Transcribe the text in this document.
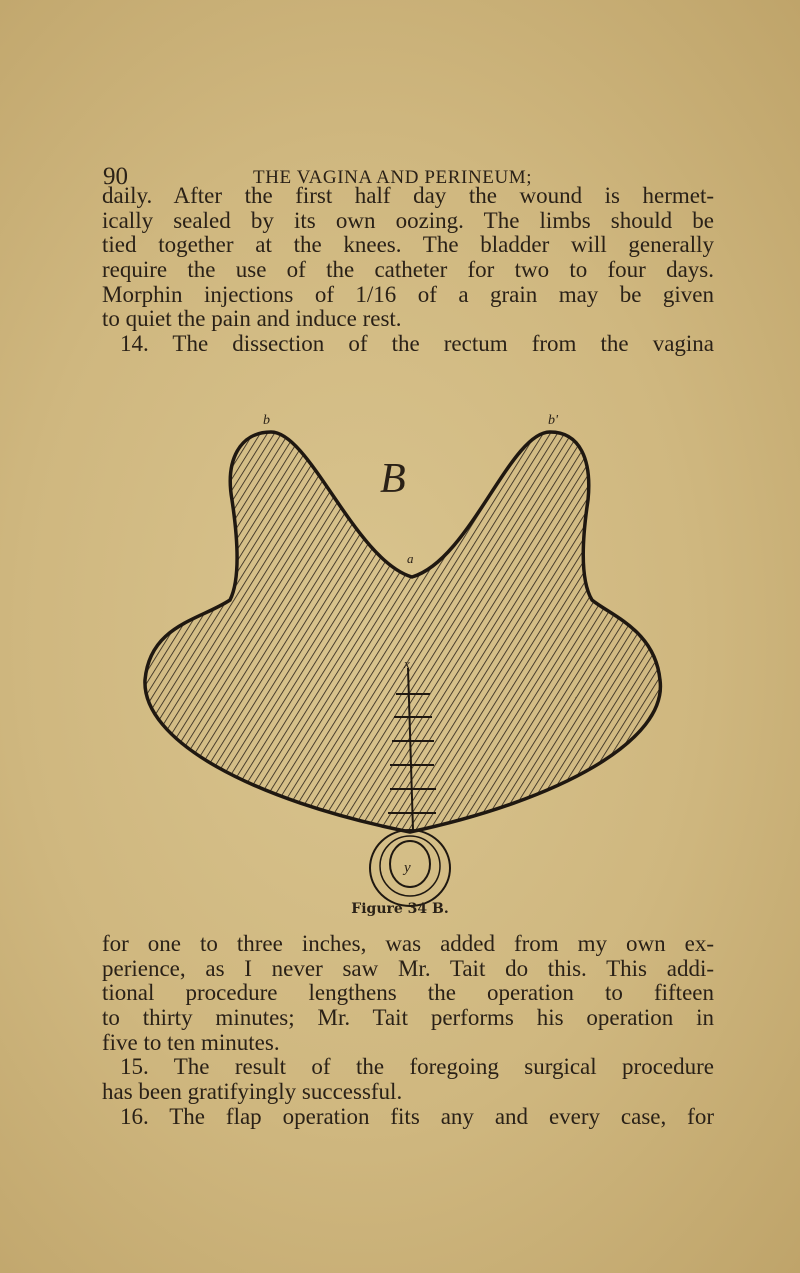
90	THE VAGINA AND PERINEUM;
daily. After the first half day the wound is hermet-
ically sealed by its own oozing. The limbs should be
tied together at the knees. The bladder will generally
require the use of the catheter for two to four days.
Morphin injections of 1/16 of a grain may be given
to quiet the pain and induce rest.
14. The dissection of the rectum from the vagina
b	b'
B
a
x
y
Figure 34 B.
for one to three inches, was added from my own ex-
perience, as I never saw Mr. Tait do this. This addi-
tional procedure lengthens the operation to fifteen
to thirty minutes; Mr. Tait performs his operation in
five to ten minutes.
15. The result of the foregoing surgical procedure
has been gratifyingly successful.
16. The flap operation fits any and every case, for
